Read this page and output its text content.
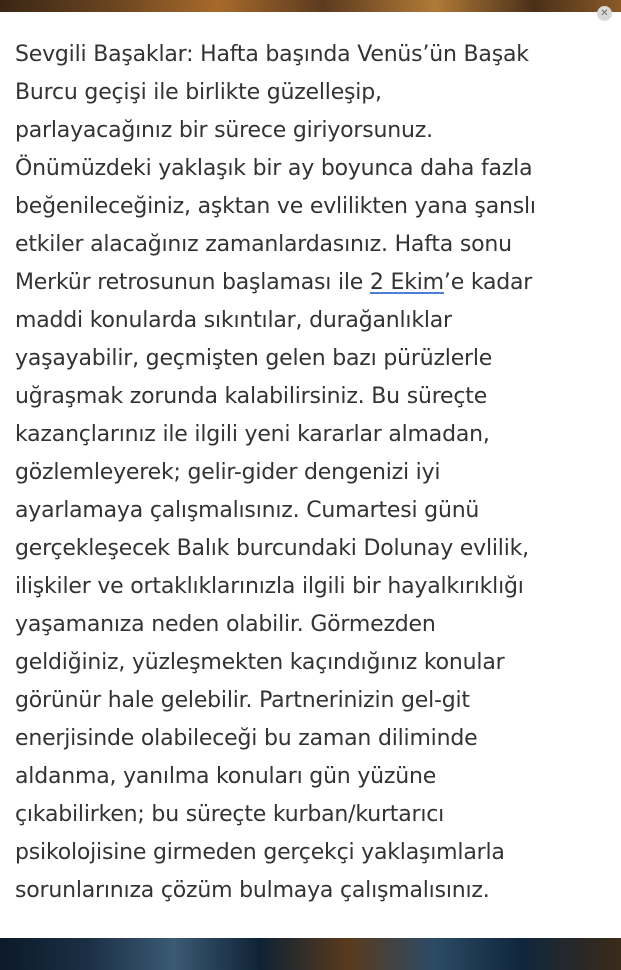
✕
Sevgili Başaklar: Hafta başında Venüs’ün Başak
Burcu geçişi ile birlikte güzelleşip,
parlayacağınız bir sürece giriyorsunuz.
Önümüzdeki yaklaşık bir ay boyunca daha fazla
beğenileceğiniz, aşktan ve evlilikten yana şanslı
etkiler alacağınız zamanlardasınız. Hafta sonu
Merkür retrosunun başlaması ile 2 Ekim’e kadar
maddi konularda sıkıntılar, durağanlıklar
yaşayabilir, geçmişten gelen bazı pürüzlerle
uğraşmak zorunda kalabilirsiniz. Bu süreçte
kazançlarınız ile ilgili yeni kararlar almadan,
gözlemleyerek; gelir-gider dengenizi iyi
ayarlamaya çalışmalısınız. Cumartesi günü
gerçekleşecek Balık burcundaki Dolunay evlilik,
ilişkiler ve ortaklıklarınızla ilgili bir hayalkırıklığı
yaşamanıza neden olabilir. Görmezden
geldiğiniz, yüzleşmekten kaçındığınız konular
görünür hale gelebilir. Partnerinizin gel-git
enerjisinde olabileceği bu zaman diliminde
aldanma, yanılma konuları gün yüzüne
çıkabilirken; bu süreçte kurban/kurtarıcı
psikolojisine girmeden gerçekçi yaklaşımlarla
sorunlarınıza çözüm bulmaya çalışmalısınız.
